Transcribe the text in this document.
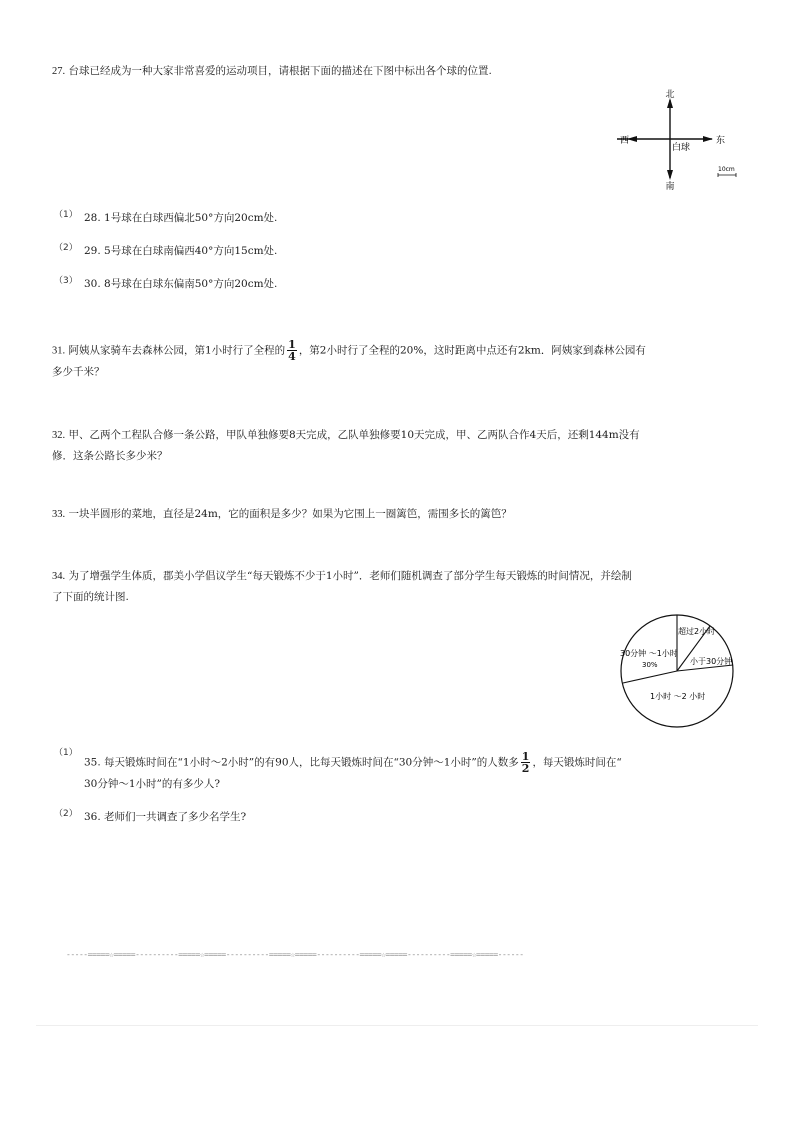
27. 台球已经成为一种大家非常喜爱的运动项目，请根据下面的描述在下图中标出各个球的位置.
北
南
东
西
白球
10cm
（1） 28. 1号球在白球西偏北50°方向20cm处.
（2） 29. 5号球在白球南偏西40°方向15cm处.
（3） 30. 8号球在白球东偏南50°方向20cm处.
31. 阿姨从家骑车去森林公园，第1小时行了全程的 $\frac{1}{4}$ ，第2小时行了全程的20%，这时距离中点还有2km．阿姨家到森林公园有
多少千米？
32. 甲、乙两个工程队合修一条公路，甲队单独修要8天完成，乙队单独修要10天完成，甲、乙两队合作4天后，还剩144m没有
修．这条公路长多少米？
33. 一块半圆形的菜地，直径是24m，它的面积是多少？如果为它围上一圈篱笆，需围多长的篱笆？
34. 为了增强学生体质，郡美小学倡议学生“每天锻炼不少于1小时”．老师们随机调查了部分学生每天锻炼的时间情况，并绘制
了下面的统计图.
超过2小时
30分钟 ～1小时
30%	小于30分钟
1小时 ～2 小时
（1）
35. 每天锻炼时间在“1小时～2小时”的有90人，比每天锻炼时间在“30分钟～1小时”的人数多 $\frac{1}{2}$ ，每天锻炼时间在“
30分钟～1小时”的有多少人?
（2） 36. 老师们一共调查了多少名学生?
-----=====☆=====----------=====☆=====----------=====☆=====----------=====☆=====----------=====☆=====------
